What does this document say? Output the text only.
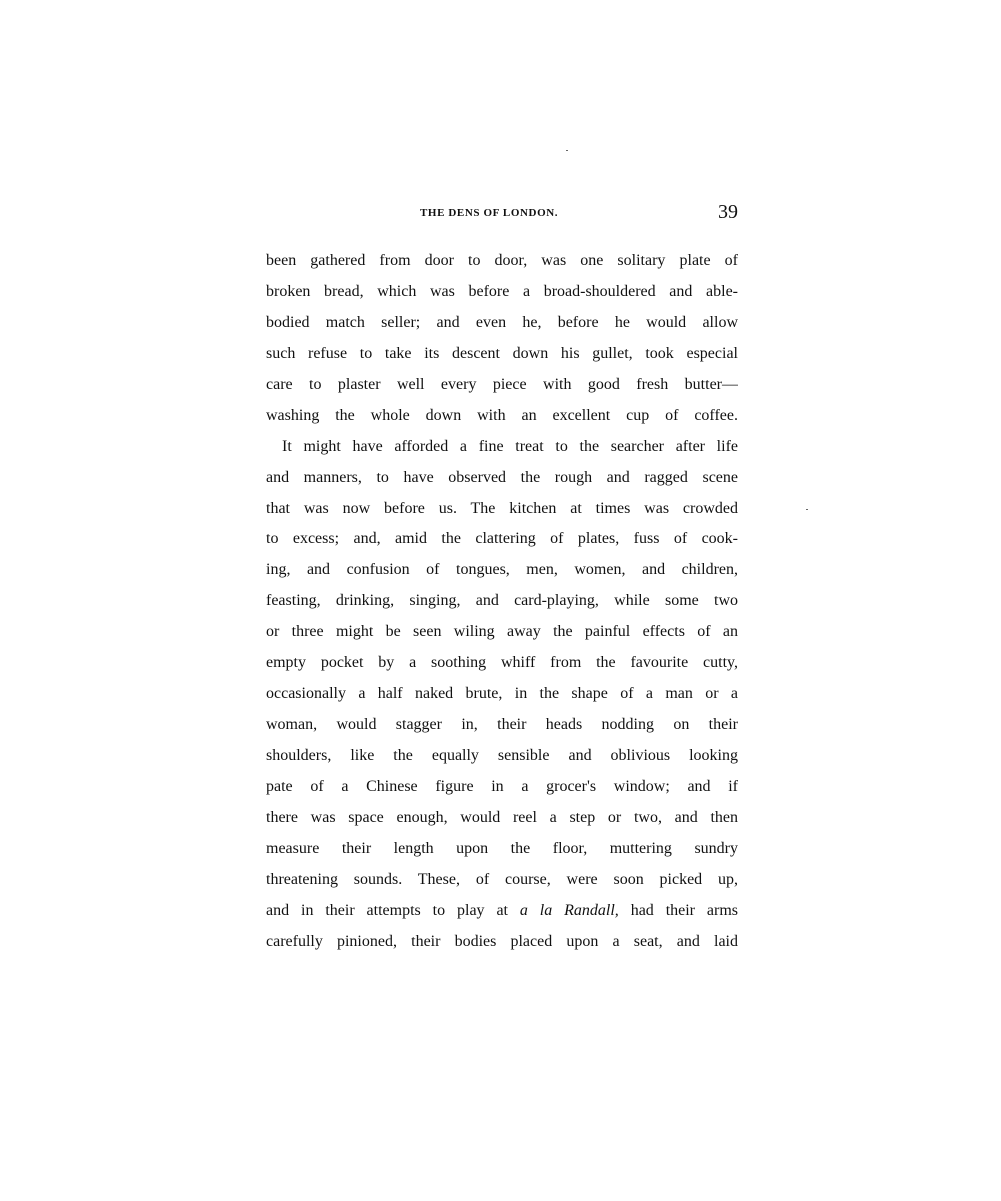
THE DENS OF LONDON.	39
been gathered from door to door, was one solitary plate of
broken bread, which was before a broad-shouldered and able-
bodied match seller; and even he, before he would allow
such refuse to take its descent down his gullet, took especial
care to plaster well every piece with good fresh butter—
washing the whole down with an excellent cup of coffee.
It might have afforded a fine treat to the searcher after life
and manners, to have observed the rough and ragged scene
that was now before us. The kitchen at times was crowded
to excess; and, amid the clattering of plates, fuss of cook-
ing, and confusion of tongues, men, women, and children,
feasting, drinking, singing, and card-playing, while some two
or three might be seen wiling away the painful effects of an
empty pocket by a soothing whiff from the favourite cutty,
occasionally a half naked brute, in the shape of a man or a
woman, would stagger in, their heads nodding on their
shoulders, like the equally sensible and oblivious looking
pate of a Chinese figure in a grocer's window; and if
there was space enough, would reel a step or two, and then
measure their length upon the floor, muttering sundry
threatening sounds. These, of course, were soon picked up,
and in their attempts to play at a la Randall, had their arms
carefully pinioned, their bodies placed upon a seat, and laid
